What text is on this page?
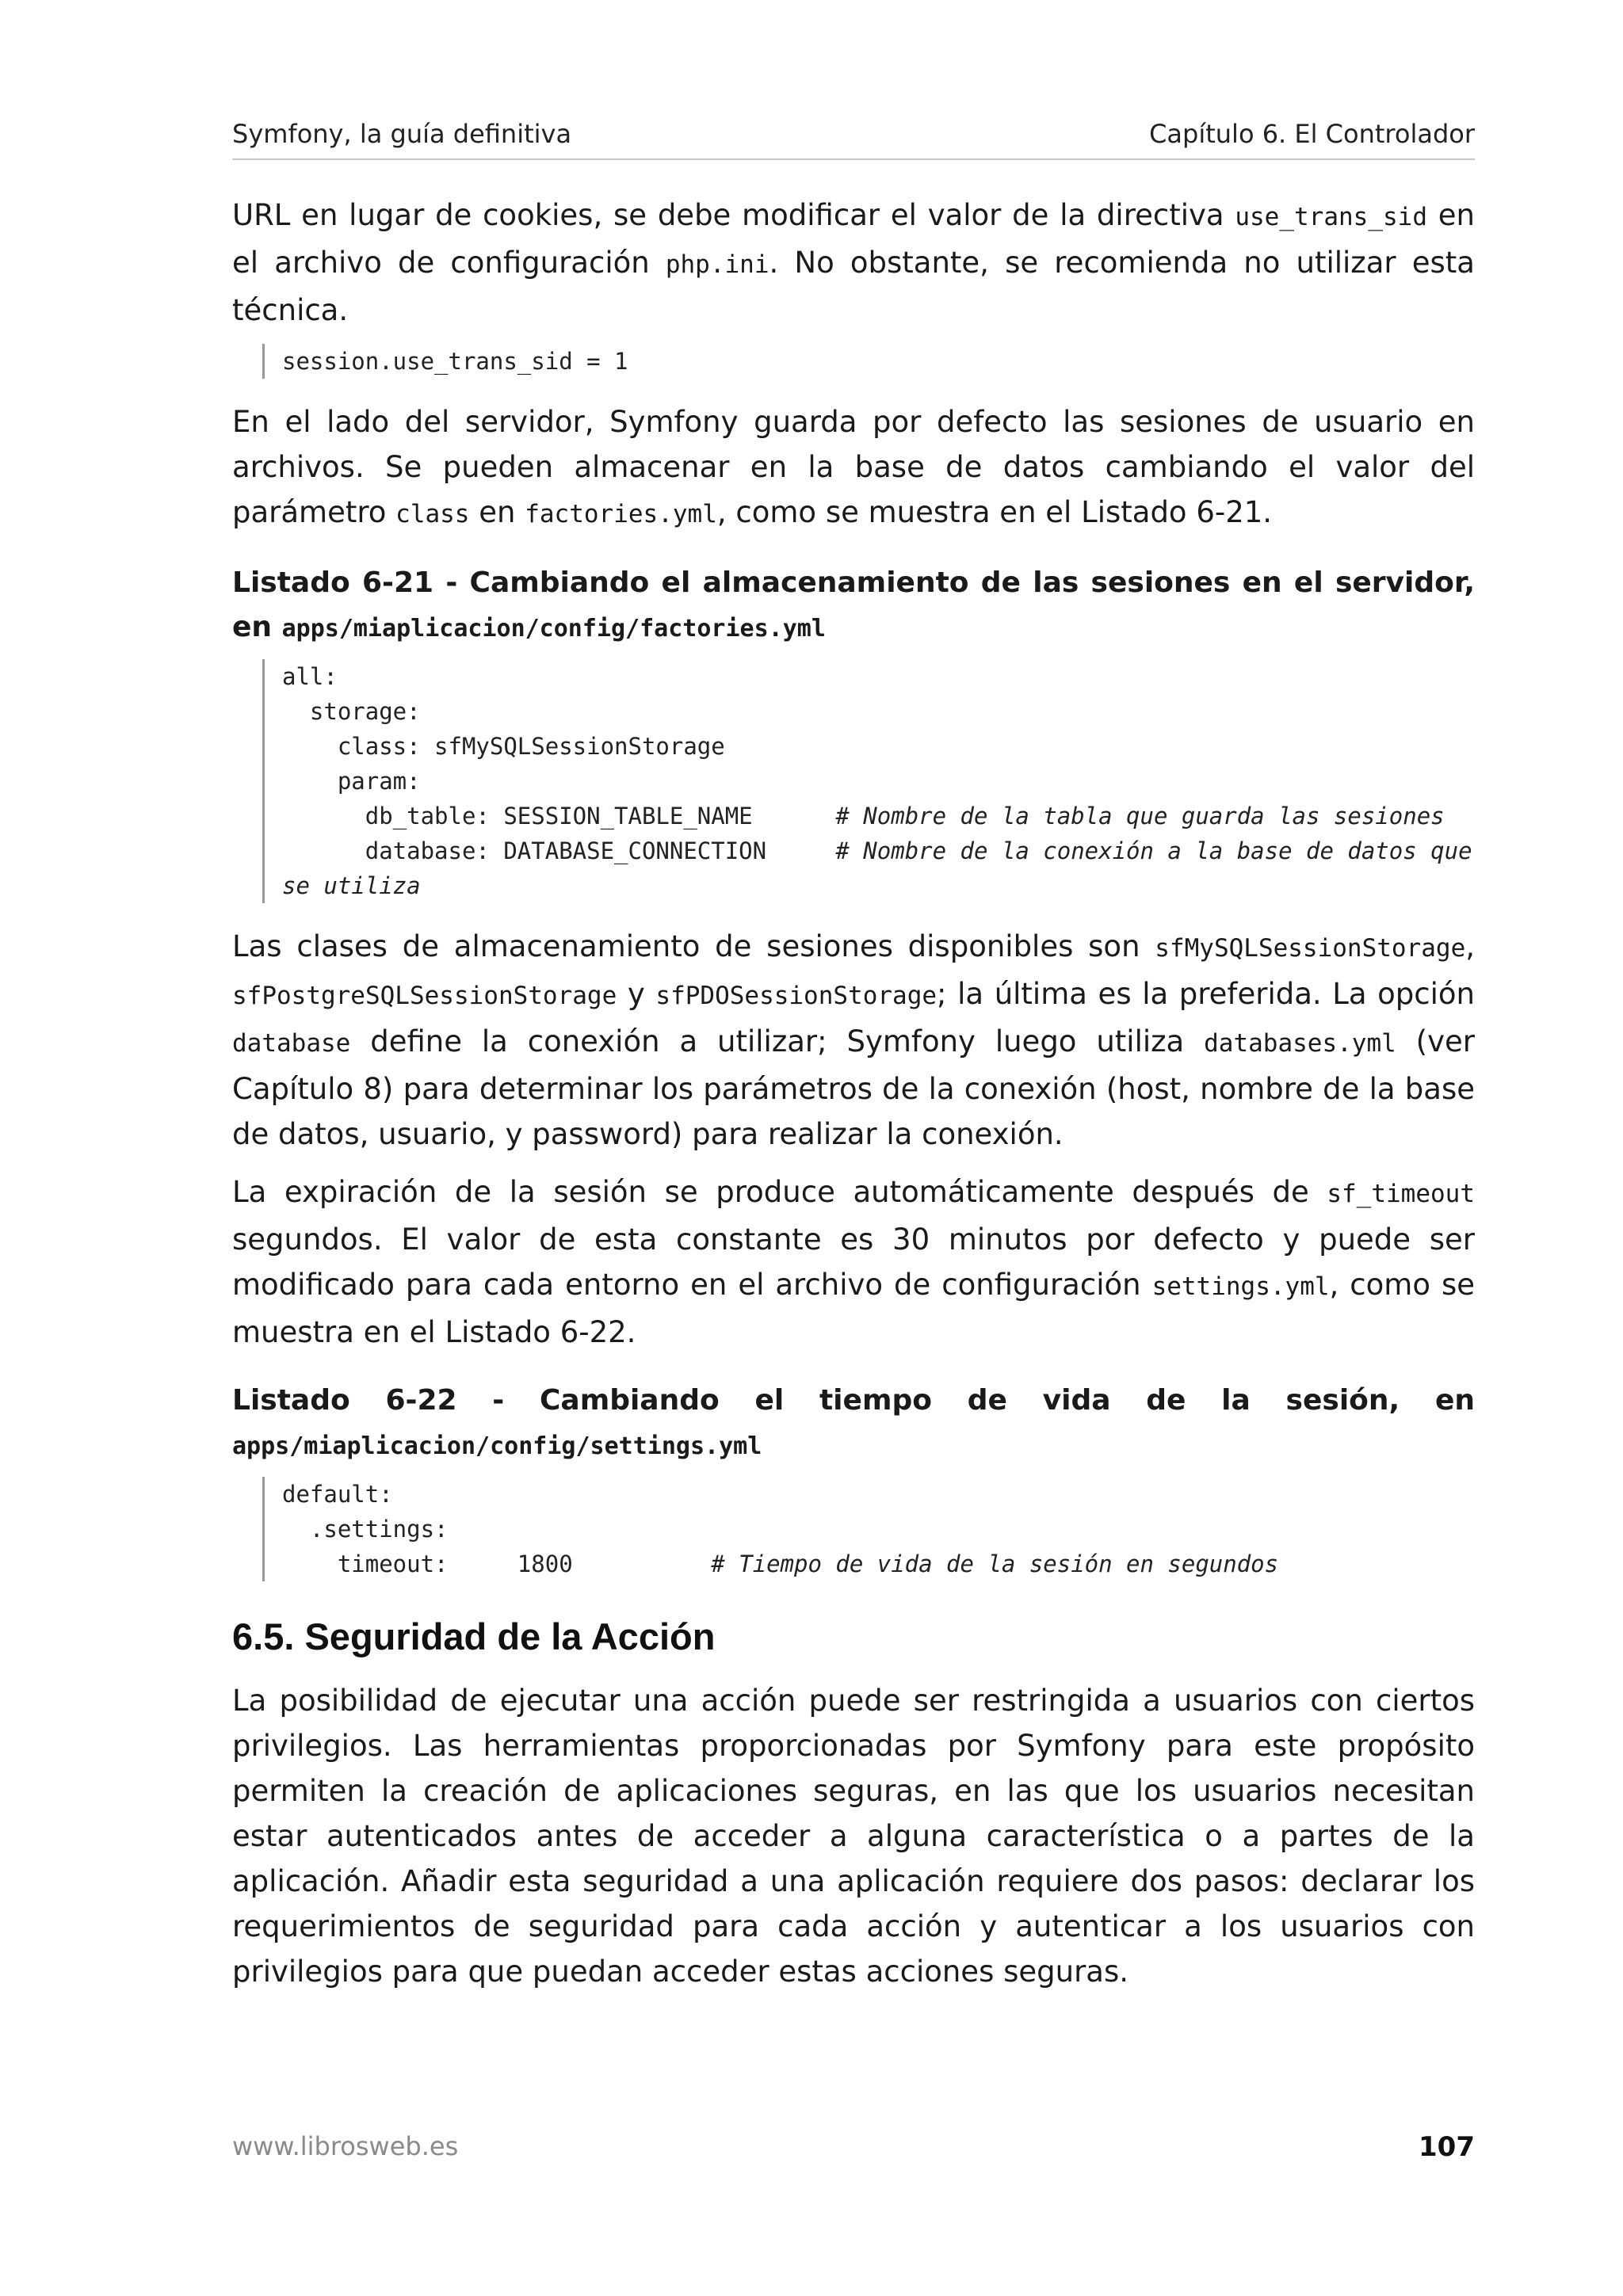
Symfony, la guía definitiva	Capítulo 6. El Controlador

URL en lugar de cookies, se debe modificar el valor de la directiva use_trans_sid en el archivo de configuración php.ini. No obstante, se recomienda no utilizar esta técnica.

session.use_trans_sid = 1

En el lado del servidor, Symfony guarda por defecto las sesiones de usuario en archivos. Se pueden almacenar en la base de datos cambiando el valor del parámetro class en factories.yml, como se muestra en el Listado 6-21.

Listado 6-21 - Cambiando el almacenamiento de las sesiones en el servidor, en apps/miaplicacion/config/factories.yml
all:
storage:
class: sfMySQLSessionStorage
param:
db_table: SESSION_TABLE_NAME      # Nombre de la tabla que guarda las sesiones
database: DATABASE_CONNECTION     # Nombre de la conexión a la base de datos que
se utiliza

Las clases de almacenamiento de sesiones disponibles son sfMySQLSessionStorage, sfPostgreSQLSessionStorage y sfPDOSessionStorage; la última es la preferida. La opción database define la conexión a utilizar; Symfony luego utiliza databases.yml (ver Capítulo 8) para determinar los parámetros de la conexión (host, nombre de la base de datos, usuario, y password) para realizar la conexión.

La expiración de la sesión se produce automáticamente después de sf_timeout segundos. El valor de esta constante es 30 minutos por defecto y puede ser modificado para cada entorno en el archivo de configuración settings.yml, como se muestra en el Listado 6-22.

Listado 6-22 - Cambiando el tiempo de vida de la sesión, en apps/miaplicacion/config/settings.yml
default:
.settings:
timeout:     1800          # Tiempo de vida de la sesión en segundos
6.5. Seguridad de la Acción

La posibilidad de ejecutar una acción puede ser restringida a usuarios con ciertos privilegios. Las herramientas proporcionadas por Symfony para este propósito permiten la creación de aplicaciones seguras, en las que los usuarios necesitan estar autenticados antes de acceder a alguna característica o a partes de la aplicación. Añadir esta seguridad a una aplicación requiere dos pasos: declarar los requerimientos de seguridad para cada acción y autenticar a los usuarios con privilegios para que puedan acceder estas acciones seguras.

www.librosweb.es	107
